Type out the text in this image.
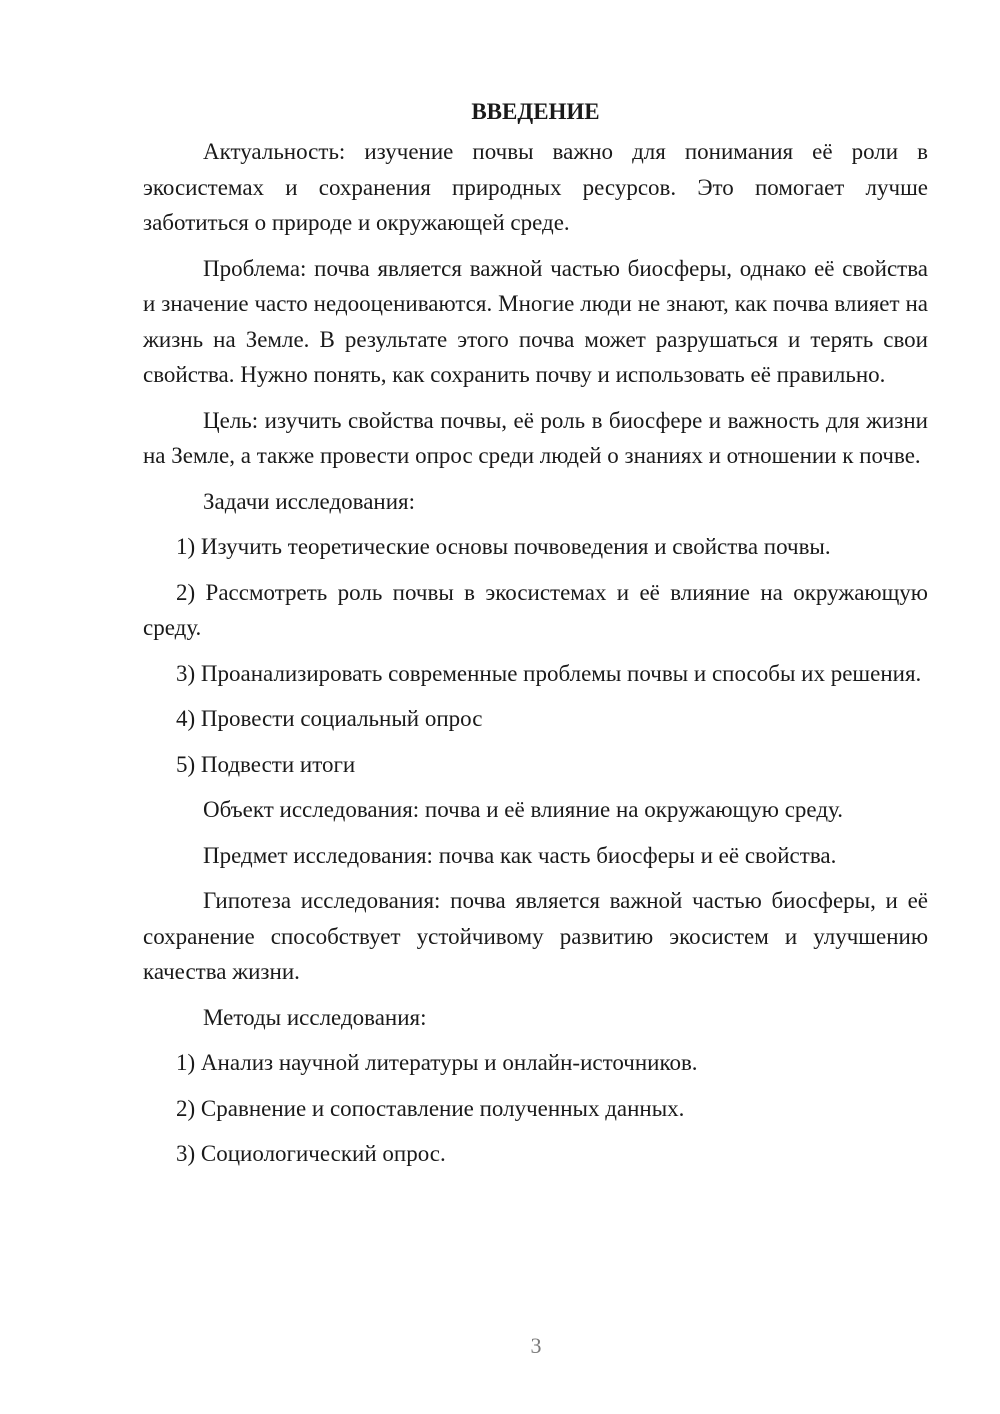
ВВЕДЕНИЕ
Актуальность: изучение почвы важно для понимания её роли в экосистемах и сохранения природных ресурсов. Это помогает лучше заботиться о природе и окружающей среде.
Проблема: почва является важной частью биосферы, однако её свойства и значение часто недооцениваются. Многие люди не знают, как почва влияет на жизнь на Земле. В результате этого почва может разрушаться и терять свои свойства. Нужно понять, как сохранить почву и использовать её правильно.
Цель: изучить свойства почвы, её роль в биосфере и важность для жизни на Земле, а также провести опрос среди людей о знаниях и отношении к почве.
Задачи исследования:
1) Изучить теоретические основы почвоведения и свойства почвы.
2) Рассмотреть роль почвы в экосистемах и её влияние на окружающую среду.
3) Проанализировать современные проблемы почвы и способы их решения.
4) Провести социальный опрос
5) Подвести итоги
Объект исследования: почва и её влияние на окружающую среду.
Предмет исследования: почва как часть биосферы и её свойства.
Гипотеза исследования: почва является важной частью биосферы, и её сохранение способствует устойчивому развитию экосистем и улучшению качества жизни.
Методы исследования:
1) Анализ научной литературы и онлайн-источников.
2) Сравнение и сопоставление полученных данных.
3) Социологический опрос.
3
